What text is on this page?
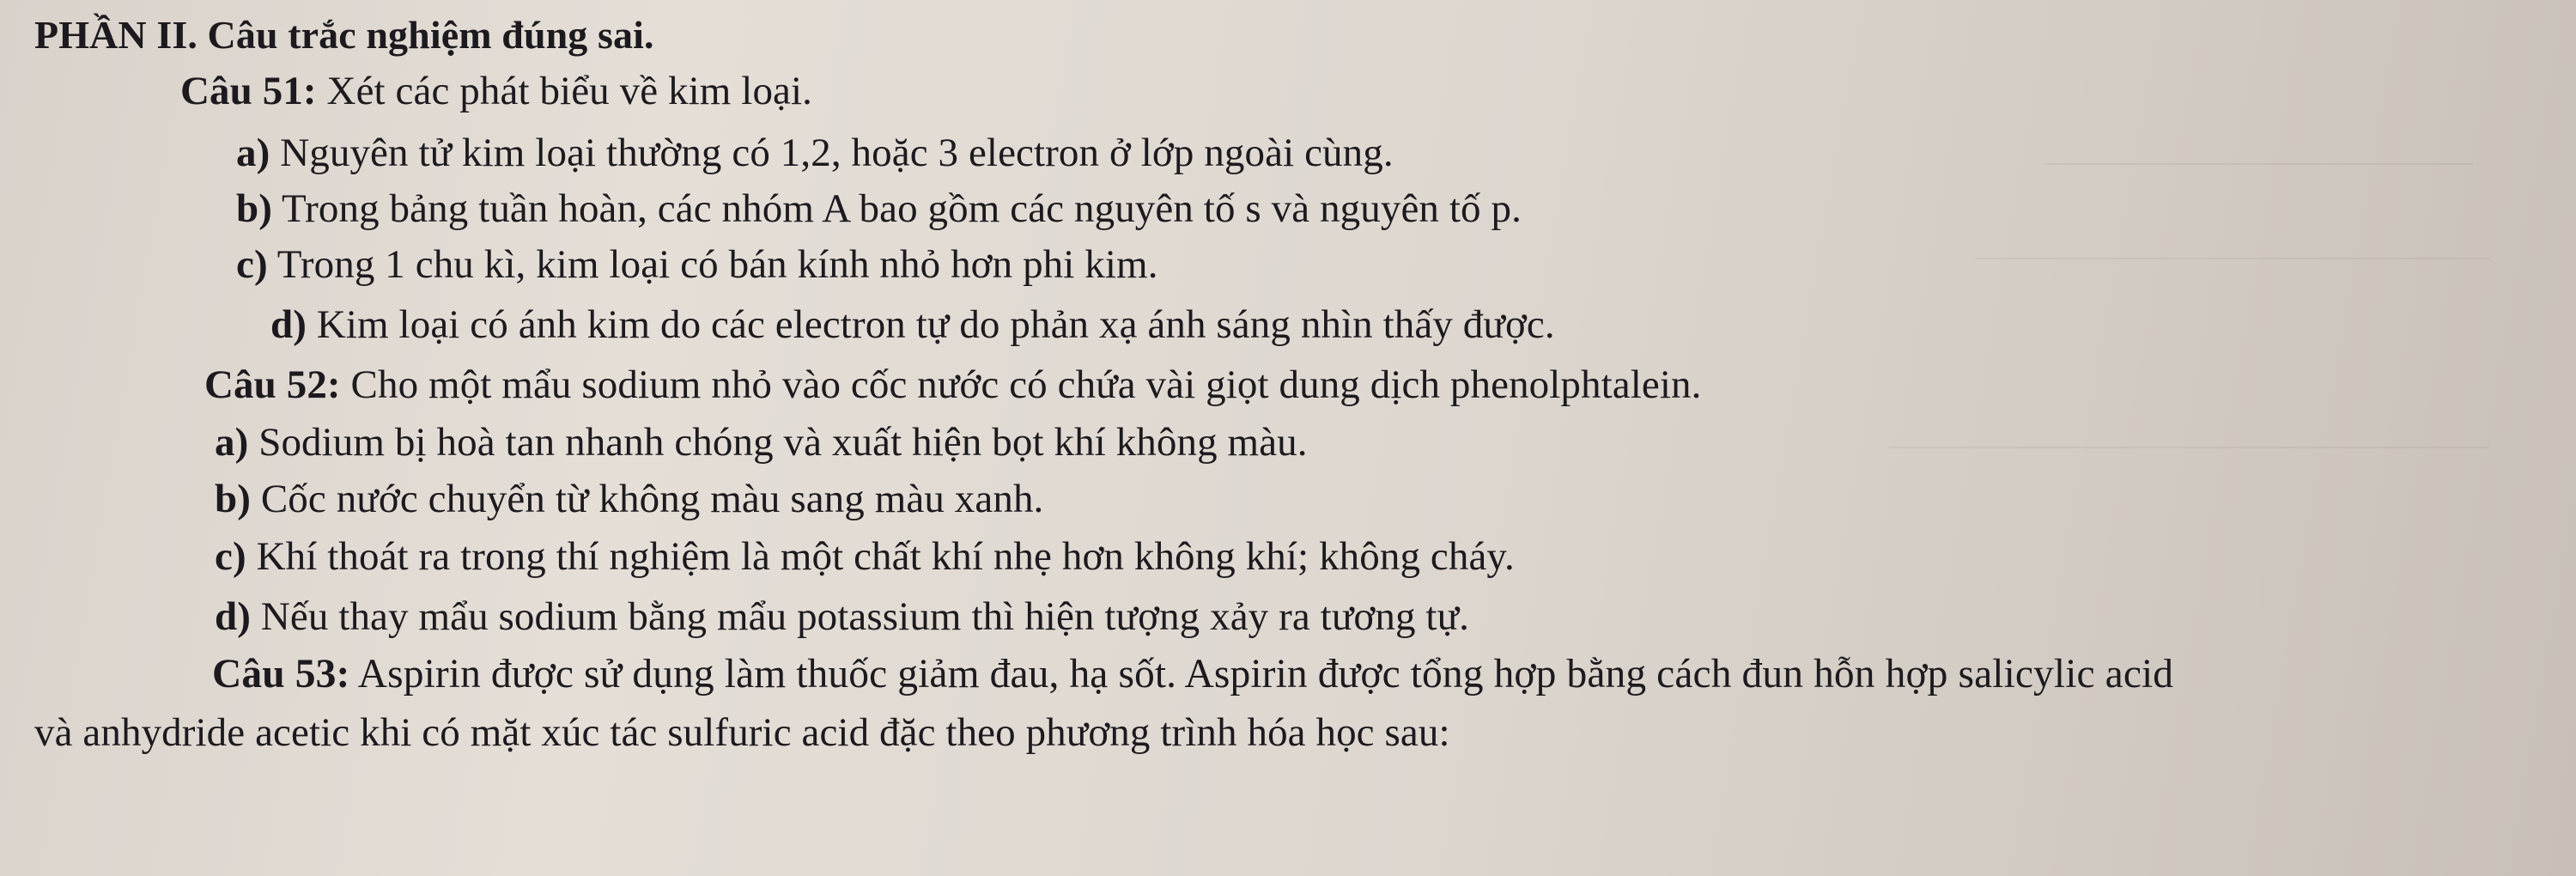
PHẦN II. Câu trắc nghiệm đúng sai.
Câu 51: Xét các phát biểu về kim loại.
a) Nguyên tử kim loại thường có 1,2, hoặc 3 electron ở lớp ngoài cùng.
b) Trong bảng tuần hoàn, các nhóm A bao gồm các nguyên tố s và nguyên tố p.
c) Trong 1 chu kì, kim loại có bán kính nhỏ hơn phi kim.
d) Kim loại có ánh kim do các electron tự do phản xạ ánh sáng nhìn thấy được.
Câu 52: Cho một mẩu sodium nhỏ vào cốc nước có chứa vài giọt dung dịch phenolphtalein.
a) Sodium bị hoà tan nhanh chóng và xuất hiện bọt khí không màu.
b) Cốc nước chuyển từ không màu sang màu xanh.
c) Khí thoát ra trong thí nghiệm là một chất khí nhẹ hơn không khí; không cháy.
d) Nếu thay mẩu sodium bằng mẩu potassium thì hiện tượng xảy ra tương tự.
Câu 53: Aspirin được sử dụng làm thuốc giảm đau, hạ sốt. Aspirin được tổng hợp bằng cách đun hỗn hợp salicylic acid
và anhydride acetic khi có mặt xúc tác sulfuric acid đặc theo phương trình hóa học sau:
